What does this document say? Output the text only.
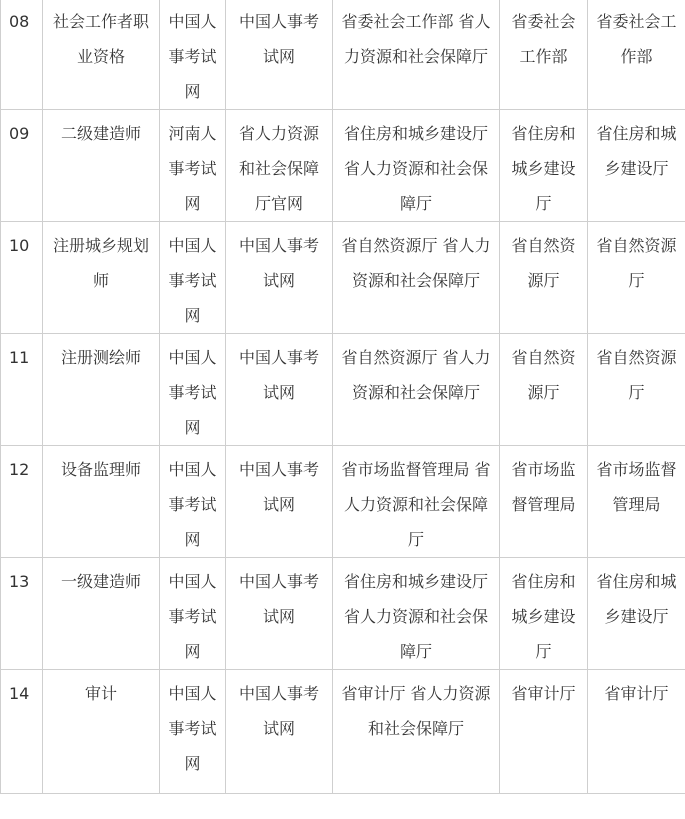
08	社会工作者职业资格	中国人事考试网	中国人事考试网	省委社会工作部 省人力资源和社会保障厅	省委社会工作部	省委社会工作部
09	二级建造师	河南人事考试网	省人力资源和社会保障厅官网	省住房和城乡建设厅 省人力资源和社会保障厅	省住房和城乡建设厅	省住房和城乡建设厅
10	注册城乡规划师	中国人事考试网	中国人事考试网	省自然资源厅 省人力资源和社会保障厅	省自然资源厅	省自然资源厅
11	注册测绘师	中国人事考试网	中国人事考试网	省自然资源厅 省人力资源和社会保障厅	省自然资源厅	省自然资源厅
12	设备监理师	中国人事考试网	中国人事考试网	省市场监督管理局 省人力资源和社会保障厅	省市场监督管理局	省市场监督管理局
13	一级建造师	中国人事考试网	中国人事考试网	省住房和城乡建设厅 省人力资源和社会保障厅	省住房和城乡建设厅	省住房和城乡建设厅
14	审计	中国人事考试网	中国人事考试网	省审计厅 省人力资源和社会保障厅	省审计厅	省审计厅
